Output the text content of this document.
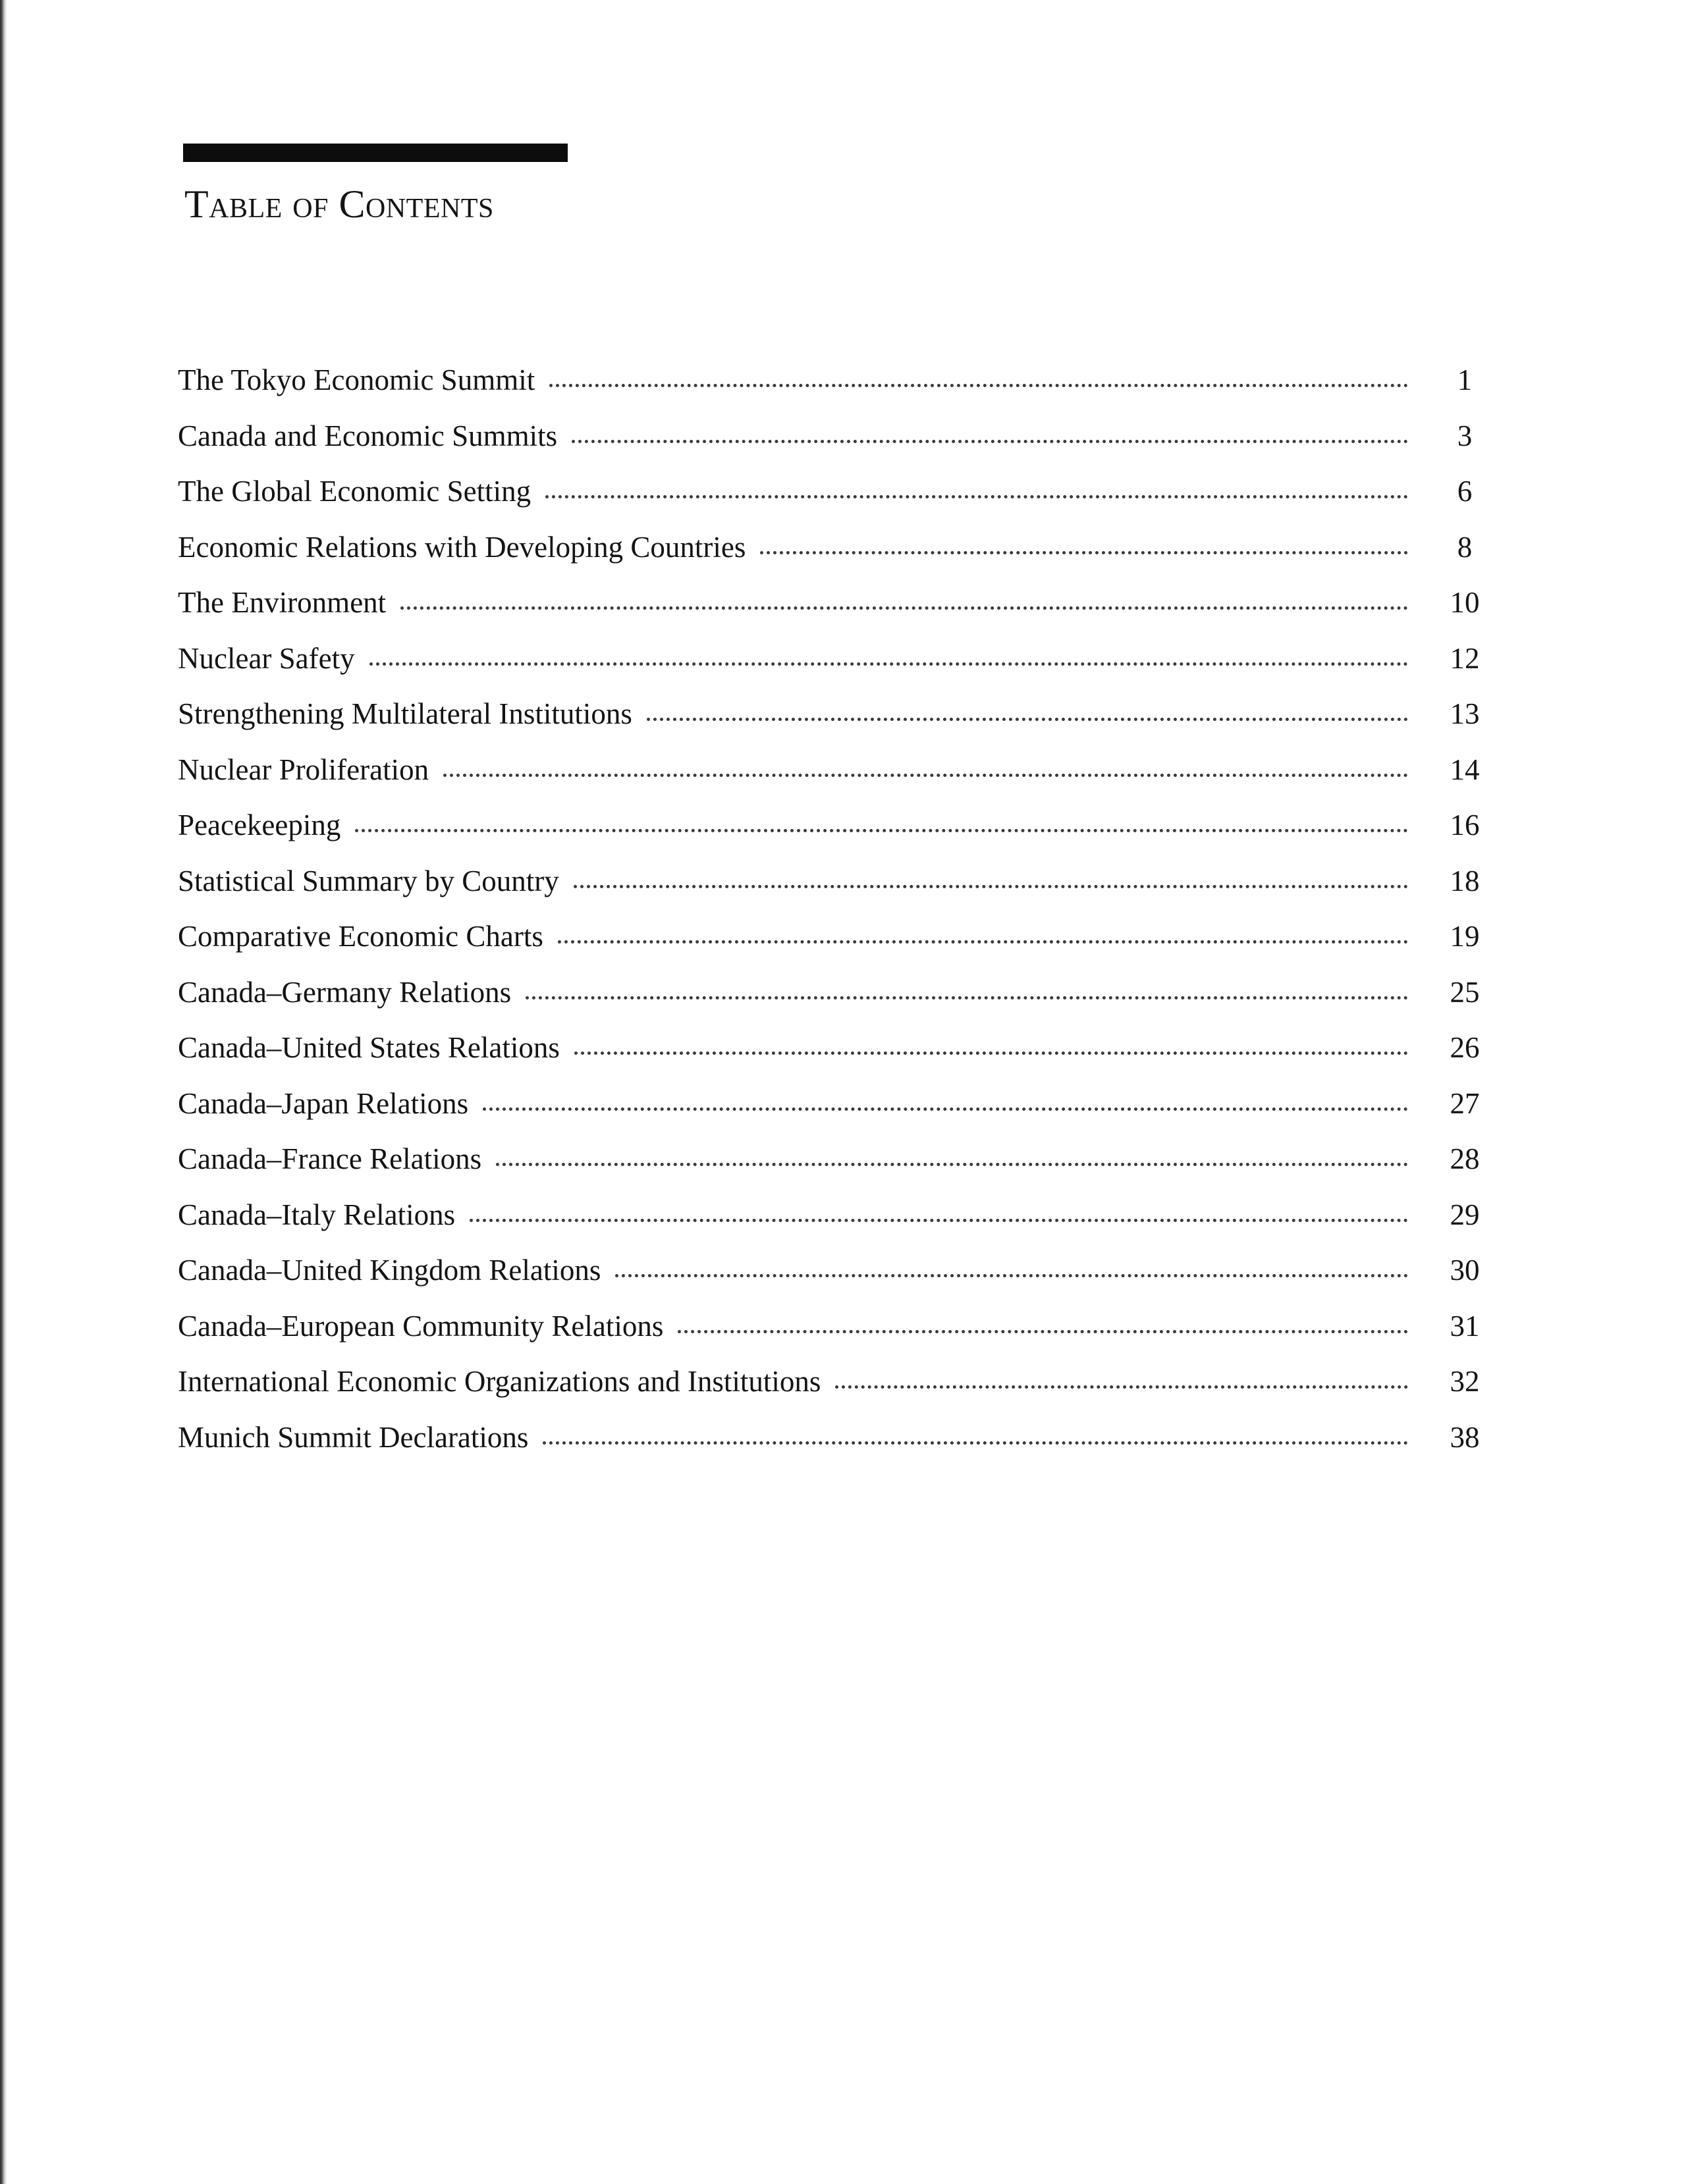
Table of Contents
The Tokyo Economic Summit	1
Canada and Economic Summits	3
The Global Economic Setting	6
Economic Relations with Developing Countries	8
The Environment	10
Nuclear Safety	12
Strengthening Multilateral Institutions	13
Nuclear Proliferation	14
Peacekeeping	16
Statistical Summary by Country	18
Comparative Economic Charts	19
Canada–Germany Relations	25
Canada–United States Relations	26
Canada–Japan Relations	27
Canada–France Relations	28
Canada–Italy Relations	29
Canada–United Kingdom Relations	30
Canada–European Community Relations	31
International Economic Organizations and Institutions	32
Munich Summit Declarations	38
